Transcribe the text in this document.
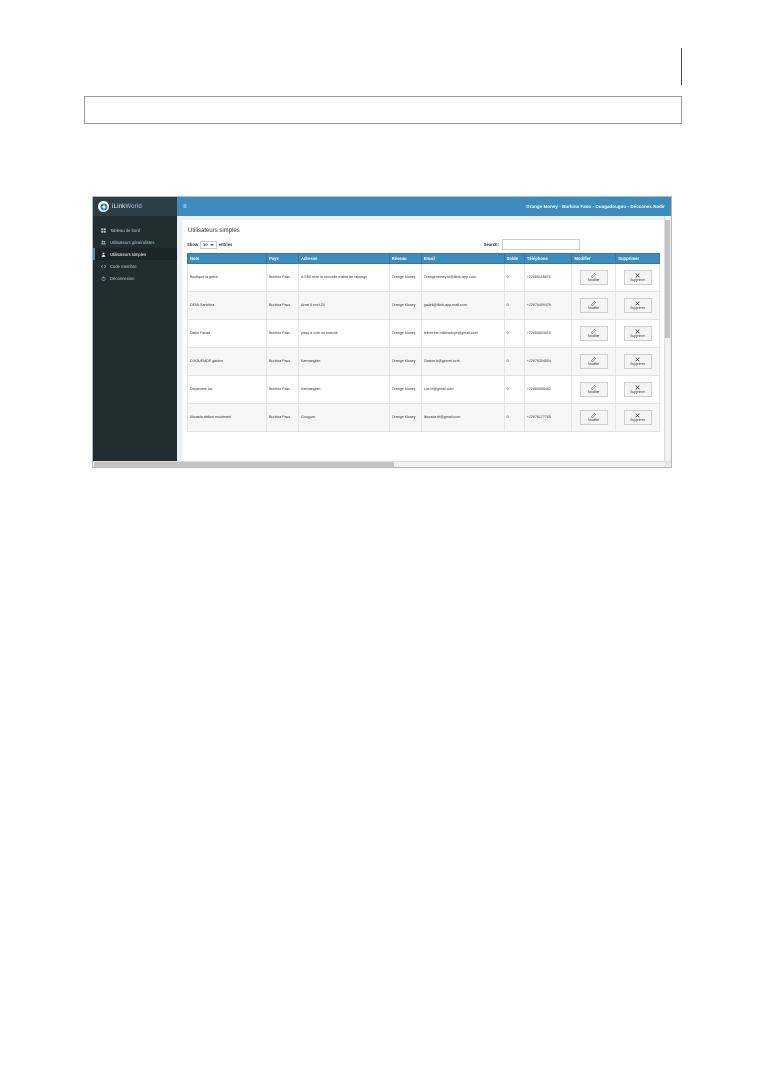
iLinkWorld
Tableau de bord
Utilisateurs généralistes
Utilisateurs simples
Code membre
Déconnexion
≡	Orange Money - Burkina Faso - Ouagadougou - Décconex Nadir
Utilisateurs simples
Show 10	entries	Search:
Nom	Pays	Adresse	Réseau	Email	Solde	Téléphone	Modifier	Supprimer
Boutique la gràce	Burkina Faso	A SIBI rnde la nouvelle mairie de rayongo	Orange Money	Orangemoney.bf@iliink-app.com	0	+22685118875	Modifier	Supprimer

DEMI Sankhha	Burkina Faso	Arcel 6 sect.24	Orange Money	gadeli@iliink-app-mail.com	0	+22670409476	Modifier	Supprimer

Diallo Farida	Burkina Faso	pissy à côté du marché	Orange Money	telmortne.millieadoye@gmail.com	0	+22654803810	Modifier	Supprimer

DJIGUEMDE gaston	Burkina Faso	Karmangbin	Orange Money	Gaston.b@gernel.ozrk	0	+22675304554	Modifier	Supprimer

Déparomb luc	Burkina Faso	Karmangbin	Orange Money	Luc.bf@gmail.com	0	+22665955462	Modifier	Supprimer

Illouada abiloul moutmani	Burkina Faso	Gougum	Orange Money	Illouada.bf@gmail.com	0	+22676177765	Modifier	Supprimer
